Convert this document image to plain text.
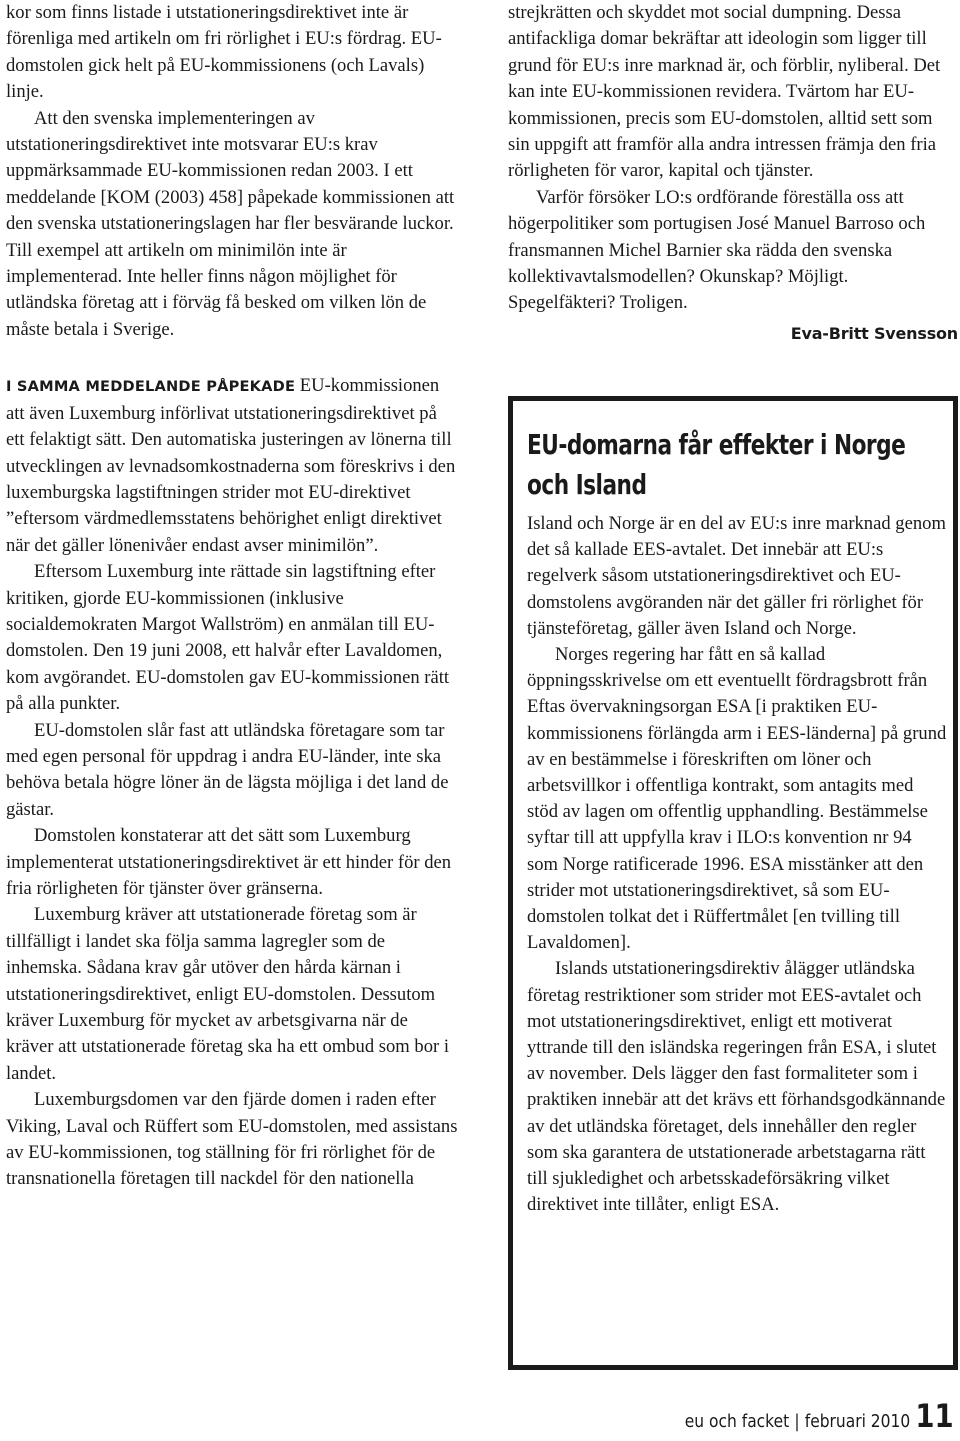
kor som finns listade i utstationeringsdirektivet inte är förenliga med artikeln om fri rörlighet i EU:s fördrag. EU-domstolen gick helt på EU-kommissionens (och Lavals) linje.

Att den svenska implementeringen av utstationeringsdirektivet inte motsvarar EU:s krav uppmärksammade EU-kommissionen redan 2003. I ett meddelande [KOM (2003) 458] påpekade kommissionen att den svenska utstationeringslagen har fler besvärande luckor. Till exempel att artikeln om minimilön inte är implementerad. Inte heller finns någon möjlighet för utländska företag att i förväg få besked om vilken lön de måste betala i Sverige.

I SAMMA MEDDELANDE PÅPEKADE EU-kommissionen att även Luxemburg införlivat utstationeringsdirektivet på ett felaktigt sätt. Den automatiska justeringen av lönerna till utvecklingen av levnadsomkostnaderna som föreskrivs i den luxemburgska lagstiftningen strider mot EU-direktivet ”eftersom värdmedlemsstatens behörighet enligt direktivet när det gäller lönenivåer endast avser minimilön”.

Eftersom Luxemburg inte rättade sin lagstiftning efter kritiken, gjorde EU-kommissionen (inklusive socialdemokraten Margot Wallström) en anmälan till EU-domstolen. Den 19 juni 2008, ett halvår efter Lavaldomen, kom avgörandet. EU-domstolen gav EU-kommissionen rätt på alla punkter.

EU-domstolen slår fast att utländska företagare som tar med egen personal för uppdrag i andra EU-länder, inte ska behöva betala högre löner än de lägsta möjliga i det land de gästar.

Domstolen konstaterar att det sätt som Luxemburg implementerat utstationeringsdirektivet är ett hinder för den fria rörligheten för tjänster över gränserna.

Luxemburg kräver att utstationerade företag som är tillfälligt i landet ska följa samma lagregler som de inhemska. Sådana krav går utöver den hårda kärnan i utstationeringsdirektivet, enligt EU-domstolen. Dessutom kräver Luxemburg för mycket av arbetsgivarna när de kräver att utstationerade företag ska ha ett ombud som bor i landet.

Luxemburgsdomen var den fjärde domen i raden efter Viking, Laval och Rüffert som EU-domstolen, med assistans av EU-kommissionen, tog ställning för fri rörlighet för de transnationella företagen till nackdel för den nationella

strejkrätten och skyddet mot social dumpning. Dessa antifackliga domar bekräftar att ideologin som ligger till grund för EU:s inre marknad är, och förblir, nyliberal. Det kan inte EU-kommissionen revidera. Tvärtom har EU-kommissionen, precis som EU-domstolen, alltid sett som sin uppgift att framför alla andra intressen främja den fria rörligheten för varor, kapital och tjänster.

Varför försöker LO:s ordförande föreställa oss att högerpolitiker som portugisen José Manuel Barroso och fransmannen Michel Barnier ska rädda den svenska kollektivavtalsmodellen? Okunskap? Möjligt. Spegelfäkteri? Troligen.

Eva-Britt Svensson
EU-domarna får effekter i Norge och Island

Island och Norge är en del av EU:s inre marknad genom det så kallade EES-avtalet. Det innebär att EU:s regelverk såsom utstationeringsdirektivet och EU-domstolens avgöranden när det gäller fri rörlighet för tjänsteföretag, gäller även Island och Norge.

Norges regering har fått en så kallad öppningsskrivelse om ett eventuellt fördragsbrott från Eftas övervakningsorgan ESA [i praktiken EU-kommissionens förlängda arm i EES-länderna] på grund av en bestämmelse i föreskriften om löner och arbetsvillkor i offentliga kontrakt, som antagits med stöd av lagen om offentlig upphandling. Bestämmelse syftar till att uppfylla krav i ILO:s konvention nr 94 som Norge ratificerade 1996. ESA misstänker att den strider mot utstationeringsdirektivet, så som EU-domstolen tolkat det i Rüffertmålet [en tvilling till Lavaldomen].

Islands utstationeringsdirektiv ålägger utländska företag restriktioner som strider mot EES-avtalet och mot utstationeringsdirektivet, enligt ett motiverat yttrande till den isländska regeringen från ESA, i slutet av november. Dels lägger den fast formaliteter som i praktiken innebär att det krävs ett förhandsgodkännande av det utländska företaget, dels innehåller den regler som ska garantera de utstationerade arbetstagarna rätt till sjukledighet och arbetsskadeförsäkring vilket direktivet inte tillåter, enligt ESA.

eu och facket | februari 2010 11
